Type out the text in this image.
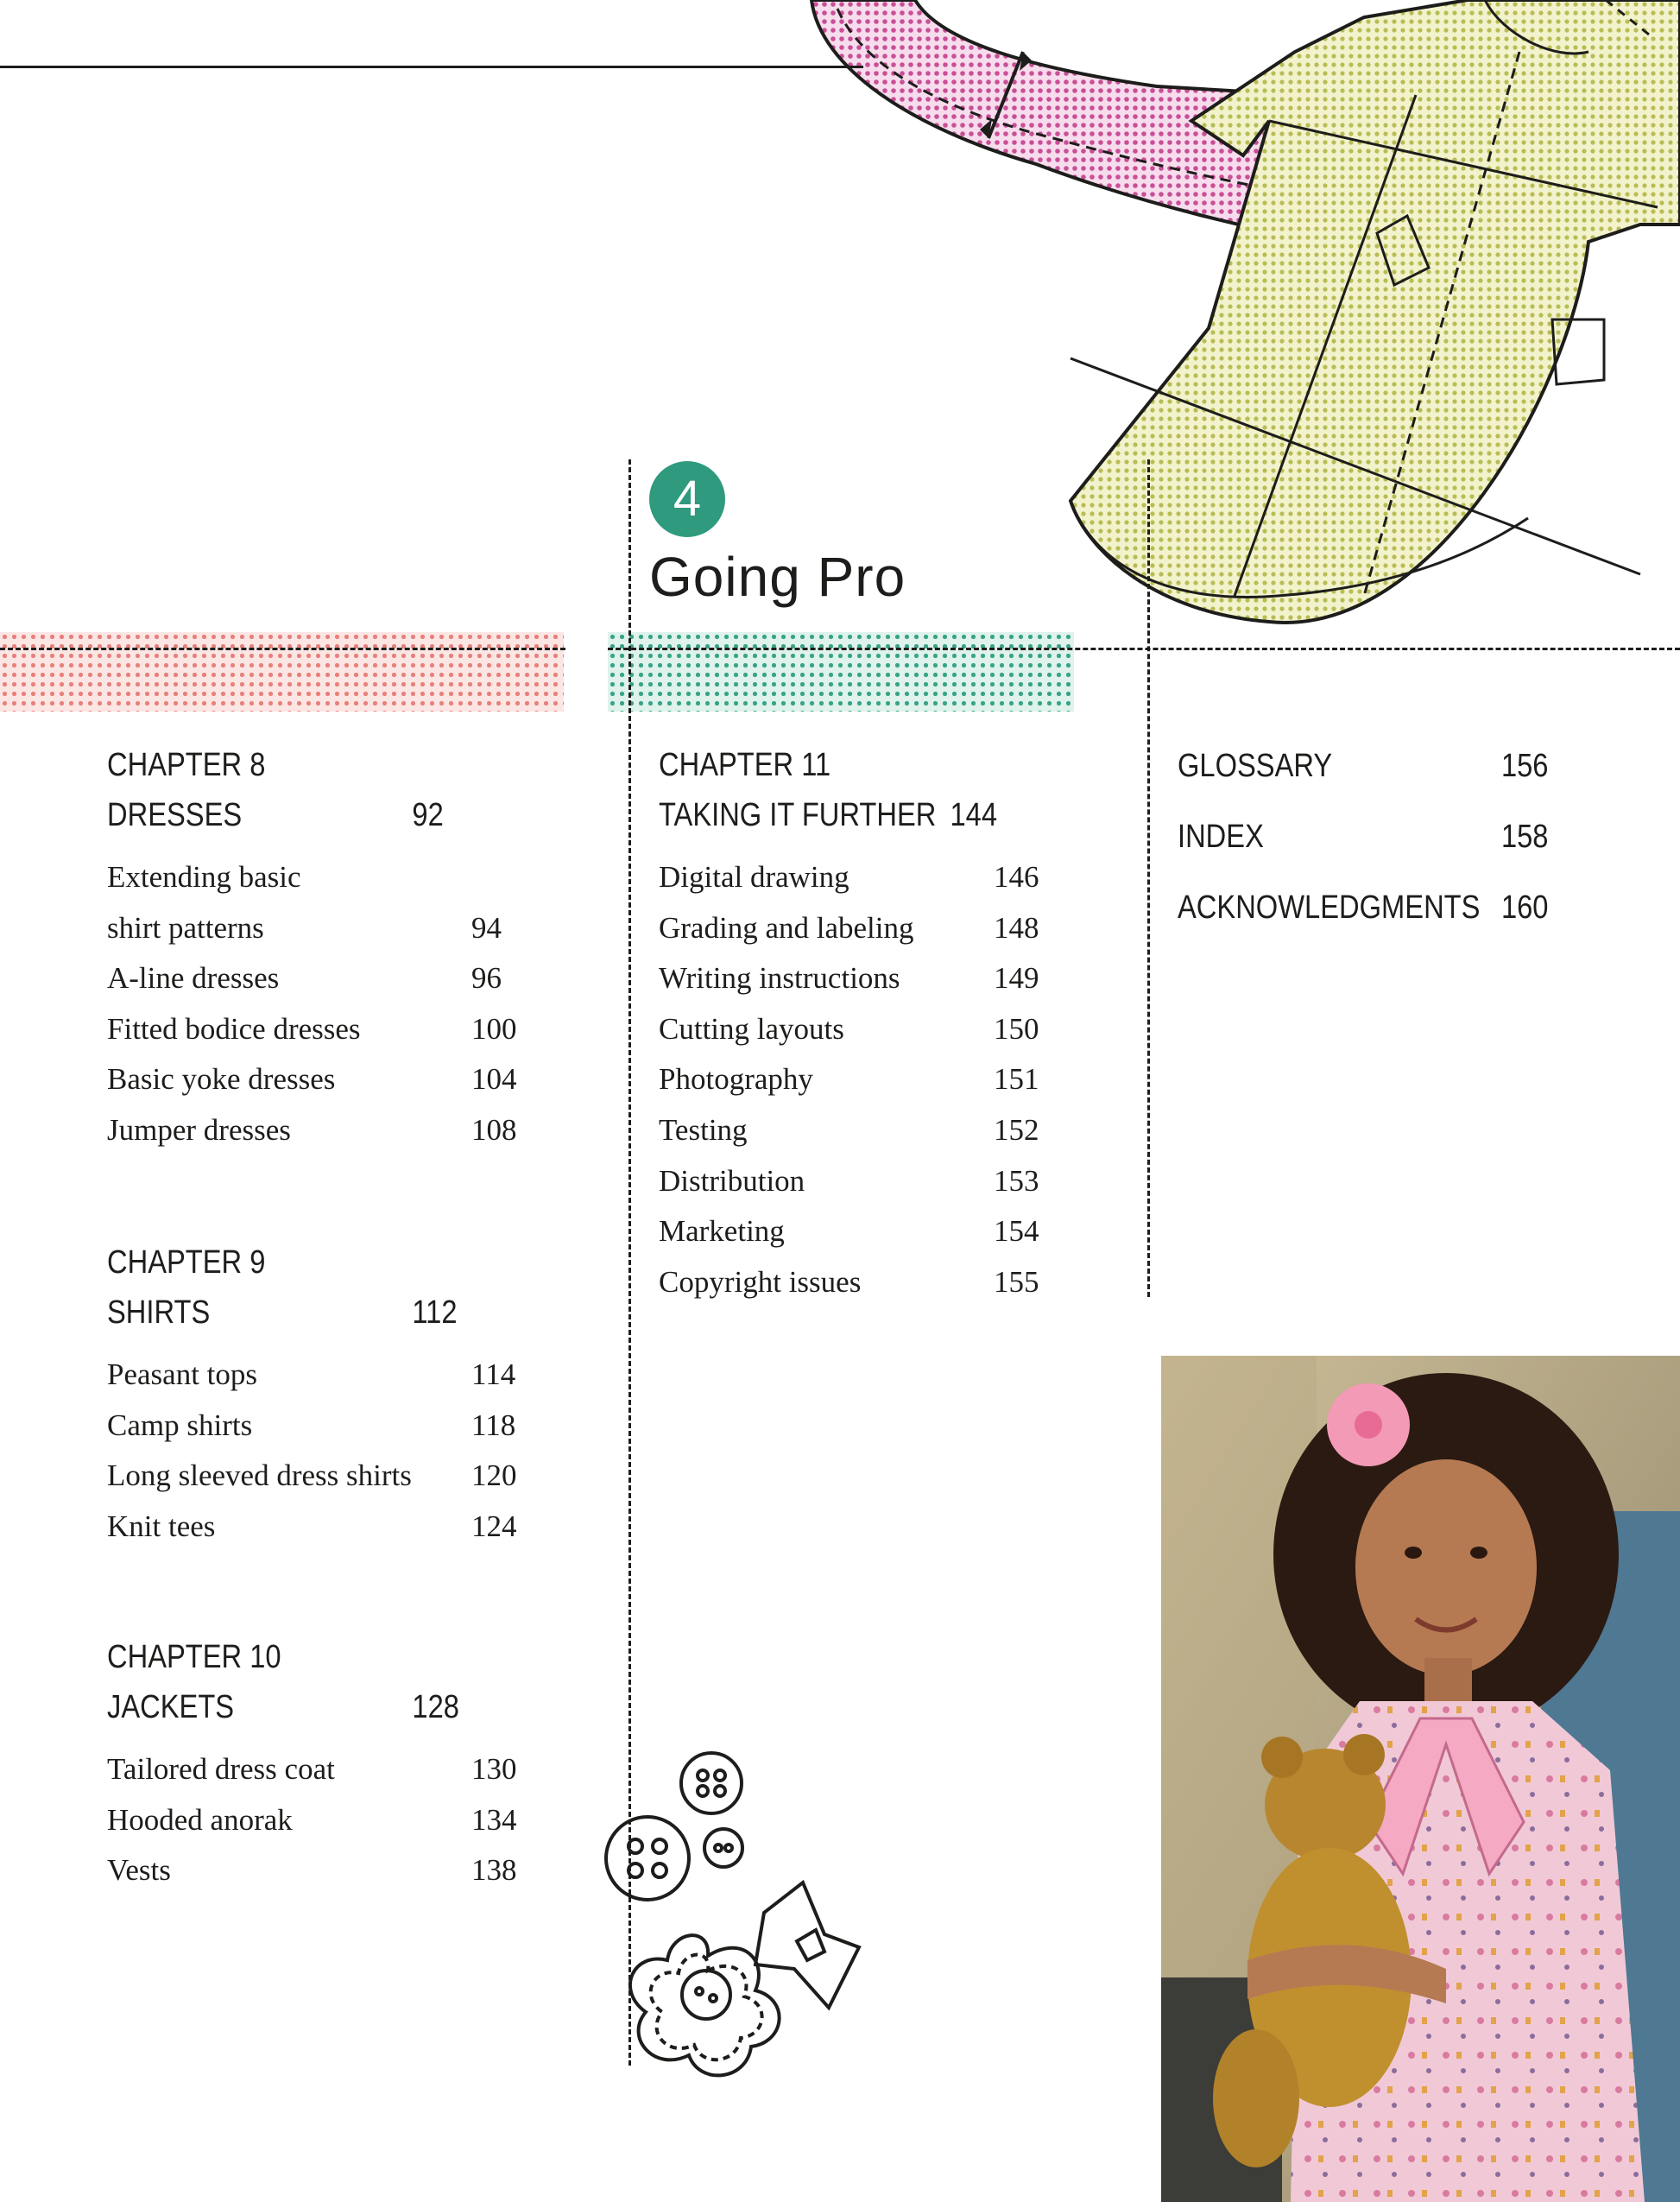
4
Going Pro
CHAPTER 8
DRESSES	92
Extending basic
shirt patterns	94
A-line dresses	96
Fitted bodice dresses	100
Basic yoke dresses	104
Jumper dresses	108
CHAPTER 9
SHIRTS	112
Peasant tops	114
Camp shirts	118
Long sleeved dress shirts 120
Knit tees	124
CHAPTER 10
JACKETS	128
Tailored dress coat	130
Hooded anorak	134
Vests	138
CHAPTER 11
TAKING IT FURTHER 144
Digital drawing	146
Grading and labeling	148
Writing instructions	149
Cutting layouts	150
Photography	151
Testing	152
Distribution	153
Marketing	154
Copyright issues	155
GLOSSARY	156
INDEX	158
ACKNOWLEDGMENTS 160
